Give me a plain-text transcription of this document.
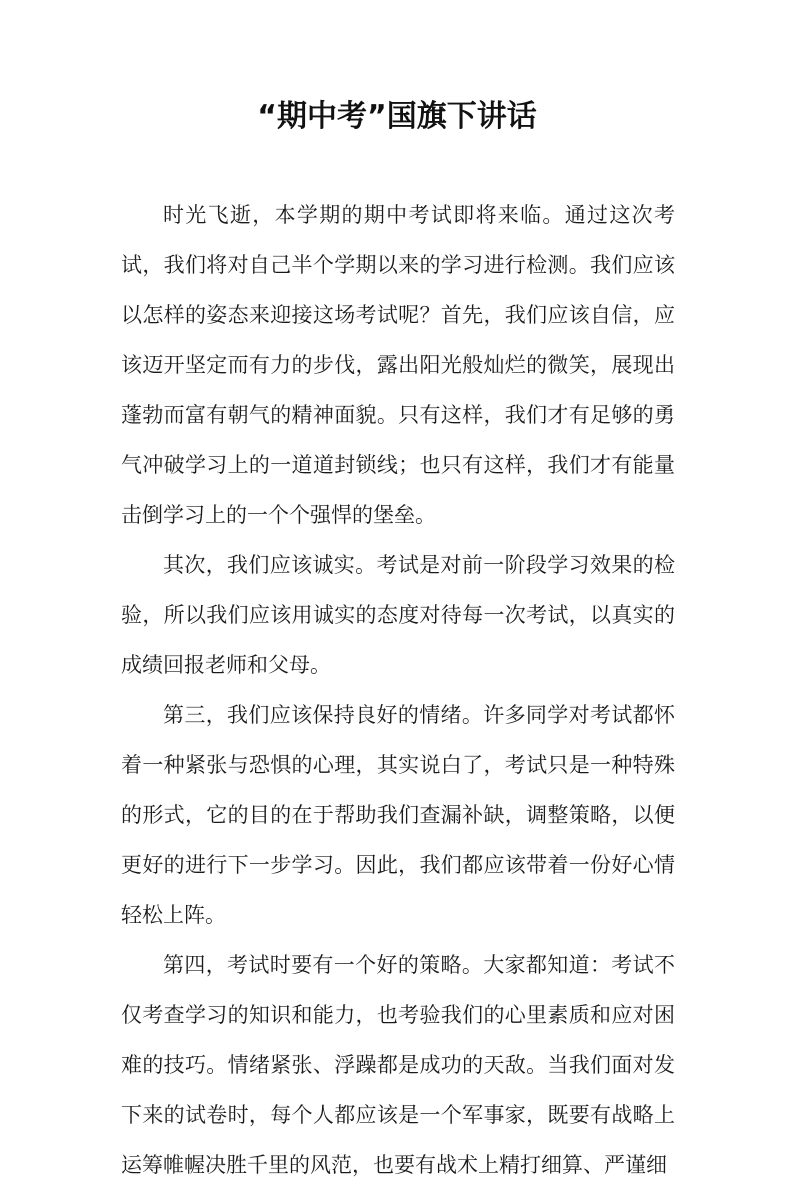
“期中考”国旗下讲话

时光飞逝，本学期的期中考试即将来临。通过这次考试，我们将对自己半个学期以来的学习进行检测。我们应该以怎样的姿态来迎接这场考试呢？首先，我们应该自信，应该迈开坚定而有力的步伐，露出阳光般灿烂的微笑，展现出蓬勃而富有朝气的精神面貌。只有这样，我们才有足够的勇气冲破学习上的一道道封锁线；也只有这样，我们才有能量击倒学习上的一个个强悍的堡垒。

其次，我们应该诚实。考试是对前一阶段学习效果的检验，所以我们应该用诚实的态度对待每一次考试，以真实的成绩回报老师和父母。

第三，我们应该保持良好的情绪。许多同学对考试都怀着一种紧张与恐惧的心理，其实说白了，考试只是一种特殊的形式，它的目的在于帮助我们查漏补缺，调整策略，以便更好的进行下一步学习。因此，我们都应该带着一份好心情轻松上阵。

第四，考试时要有一个好的策略。大家都知道：考试不仅考查学习的知识和能力，也考验我们的心里素质和应对困难的技巧。情绪紧张、浮躁都是成功的天敌。当我们面对发下来的试卷时，每个人都应该是一个军事家，既要有战略上运筹帷幄决胜千里的风范，也要有战术上精打细算、严谨细
